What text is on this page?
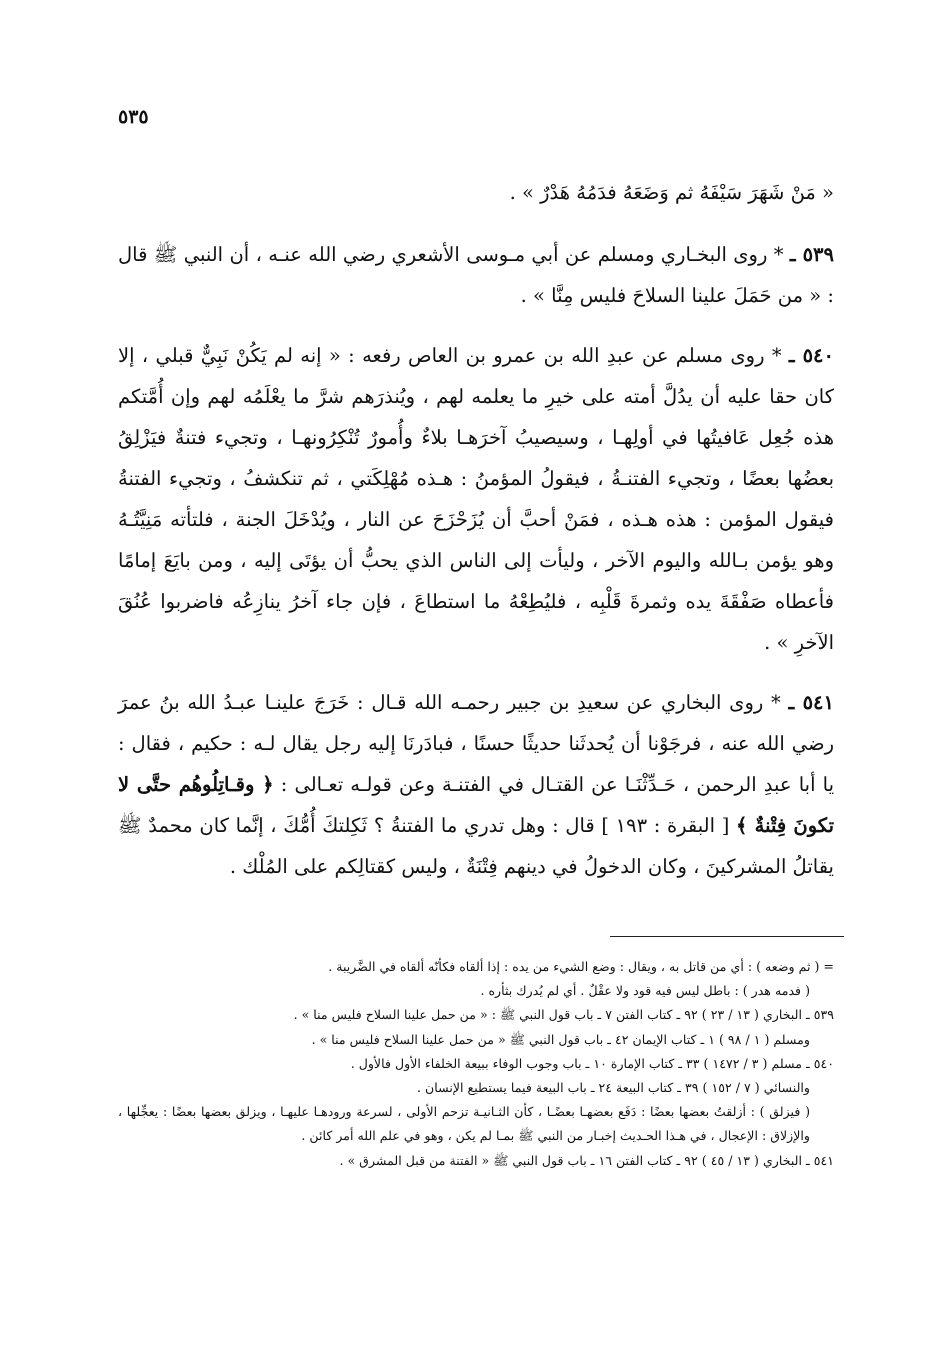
٥٣٥

« مَنْ شَهَرَ سَيْفَهُ ثم وَضَعَهُ فدَمُهُ هَدْرٌ » .

٥٣٩ ـ * روى البخـاري ومسلم عن أبي مـوسى الأشعري رضي الله عنـه ، أن النبي ﷺ قال : « من حَمَلَ علينا السلاحَ فليس مِنَّا » .

٥٤٠ ـ * روى مسلم عن عبدِ الله بن عمرو بن العاص رفعه : « إنه لم يَكُنْ نَبِيٌّ قبلي ، إلا كان حقا عليه أن يدُلَّ أمته على خيرِ ما يعلمه لهم ، ويُنذرَهم شرَّ ما يعْلَمُه لهم وإن أُمَّتكم هذه جُعِل عَافيتُها في أولِهـا ، وسيصيبُ آخرَهـا بلاءٌ وأُمورٌ تُنْكِرُونهـا ، وتجيء فتنةٌ فيَزْلِقُ بعضُها بعضًا ، وتجيء الفتنـةُ ، فيقولُ المؤمنُ : هـذه مُهْلِكَتي ، ثم تنكشفُ ، وتجيء الفتنةُ فيقول المؤمن : هذه هـذه ، فمَنْ أحبَّ أن يُزَحْزَحَ عن النار ، ويُدْخَلَ الجنة ، فلتأته مَنِيَّتُـهُ وهو يؤمن بـالله واليوم الآخر ، وليأت إلى الناس الذي يحبُّ أن يؤتَى إليه ، ومن بايَعَ إمامًا فأعطاه صَفْقَةَ يده وثمرةَ قَلْبِه ، فليُطِعْهُ ما استطاعَ ، فإن جاء آخرُ ينازِعُه فاضربوا عُنُقَ الآخرِ » .

٥٤١ ـ * روى البخاري عن سعيدِ بن جبير رحمـه الله قـال : خَرَجَ علينـا عبـدُ الله بنُ عمرَ رضي الله عنه ، فرجَوْنا أن يُحدثَنا حديثًا حسنًا ، فبادَرنَا إليه رجل يقال لـه : حكيم ، فقال : يا أبا عبدِ الرحمن ، حَـدِّثْنَـا عن القتـال في الفتنـة وعن قولـه تعـالى : ﴿ وقـاتِلُوهُم حتَّى لا تكونَ فِتْنةٌ ﴾ [ البقرة : ١٩٣ ] قال : وهل تدري ما الفتنةُ ؟ ثَكِلتكَ أُمُّكَ ، إنَّما كان محمدٌ ﷺ يقاتلُ المشركينَ ، وكان الدخولُ في دينهم فِتْنَةٌ ، وليس كقتالِكم على المُلْك .

= ( ثم وضعه ) : أي من قاتل به ، ويقال : وضع الشيء من يده : إذا ألقاه فكأنّه ألقاه في الضَّريبة .

( فدمه هدر ) : باطل ليس فيه قود ولا عقْلٌ . أي لم يُدرك بثأره .

٥٣٩ ـ البخاري ( ١٣ / ٢٣ ) ٩٢ ـ كتاب الفتن ٧ ـ باب قول النبي ﷺ : « من حمل علينا السلاح فليس منا » .

ومسلم ( ١ / ٩٨ ) ١ ـ كتاب الإيمان ٤٢ ـ باب قول النبي ﷺ « من حمل علينا السلاح فليس منا » .

٥٤٠ ـ مسلم ( ٣ / ١٤٧٢ ) ٣٣ ـ كتاب الإمارة ١٠ ـ باب وجوب الوفاء ببيعة الخلفاء الأول فالأول .

والنسائي ( ٧ / ١٥٢ ) ٣٩ ـ كتاب البيعة ٢٤ ـ باب البيعة فيما يستطيع الإنسان .

( فيزلق ) : أزلقتُ بعضها بعضًا : دَفَع بعضهـا بعضًـا ، كأن الثـانيـة تزحم الأولى ، لسرعة ورودهـا عليهـا ، ويزلق بعضها بعضًا : يعجِّلها ، والإزلاق : الإعجال ، في هـذا الحـديث إخبـار من النبي ﷺ بمـا لم يكن ، وهو في علم الله أمر كائن .

٥٤١ ـ البخاري ( ١٣ / ٤٥ ) ٩٢ ـ كتاب الفتن ١٦ ـ باب قول النبي ﷺ « الفتنة من قبل المشرق » .
